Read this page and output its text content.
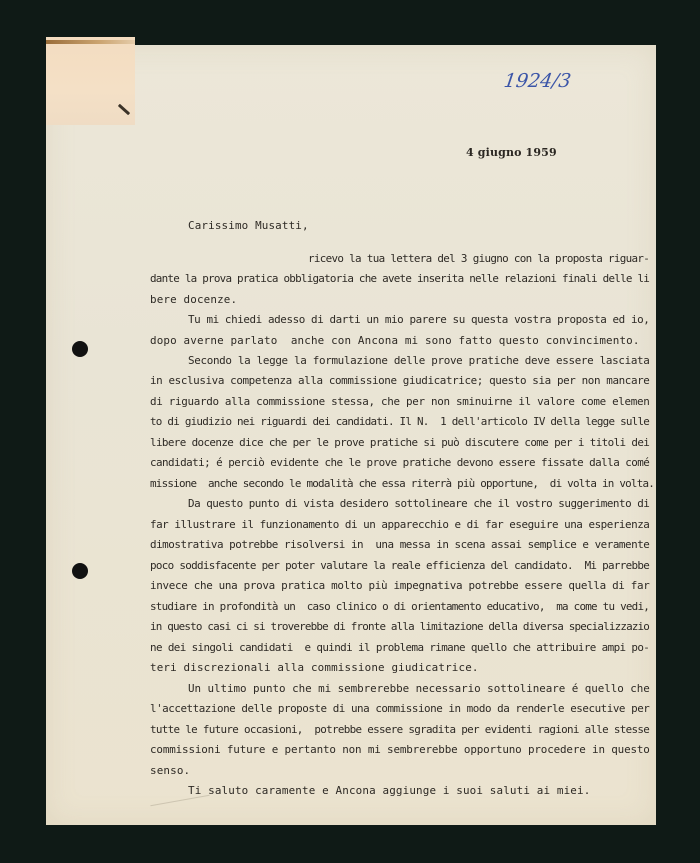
1924/3
4 giugno 1959
Carissimo Musatti,
ricevo la tua lettera del 3 giugno con la proposta riguar-
dante la prova pratica obbligatoria che avete inserita nelle relazioni finali delle li
bere docenze.
Tu mi chiedi adesso di darti un mio parere su questa vostra proposta ed io,
dopo averne parlato  anche con Ancona mi sono fatto questo convincimento.
Secondo la legge la formulazione delle prove pratiche deve essere lasciata
in esclusiva competenza alla commissione giudicatrice; questo sia per non mancare
di riguardo alla commissione stessa, che per non sminuirne il valore come elemen
to di giudizio nei riguardi dei candidati. Il N.  1 dell'articolo IV della legge sulle
libere docenze dice che per le prove pratiche si può discutere come per i titoli dei
candidati; é perciò evidente che le prove pratiche devono essere fissate dalla comé
missione  anche secondo le modalità che essa riterrà più opportune,  di volta in volta.
Da questo punto di vista desidero sottolineare che il vostro suggerimento di
far illustrare il funzionamento di un apparecchio e di far eseguire una esperienza
dimostrativa potrebbe risolversi in  una messa in scena assai semplice e veramente
poco soddisfacente per poter valutare la reale efficienza del candidato.  Mi parrebbe
invece che una prova pratica molto più impegnativa potrebbe essere quella di far
studiare in profondità un  caso clinico o di orientamento educativo,  ma come tu vedi,
in questo casi ci si troverebbe di fronte alla limitazione della diversa specializzazio
ne dei singoli candidati  e quindi il problema rimane quello che attribuire ampi po-
teri discrezionali alla commissione giudicatrice.
Un ultimo punto che mi sembrerebbe necessario sottolineare é quello che
l'accettazione delle proposte di una commissione in modo da renderle esecutive per
tutte le future occasioni,  potrebbe essere sgradita per evidenti ragioni alle stesse
commissioni future e pertanto non mi sembrerebbe opportuno procedere in questo
senso.
Ti saluto caramente e Ancona aggiunge i suoi saluti ai miei.
